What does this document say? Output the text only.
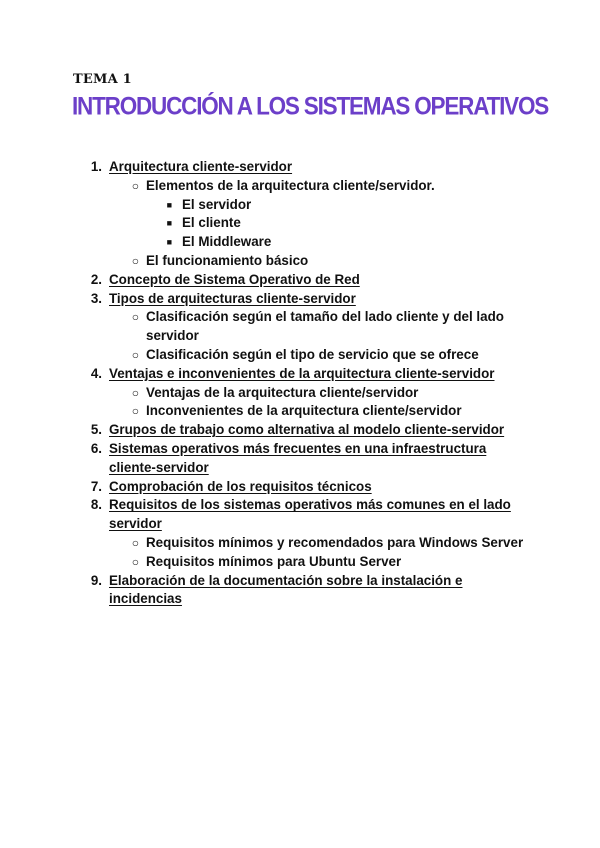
TEMA 1
INTRODUCCIÓN A LOS SISTEMAS OPERATIVOS
1. Arquitectura cliente-servidor
○ Elementos de la arquitectura cliente/servidor.
■ El servidor
■ El cliente
■ El Middleware
○ El funcionamiento básico
2. Concepto de Sistema Operativo de Red
3. Tipos de arquitecturas cliente-servidor
○ Clasificación según el tamaño del lado cliente y del lado servidor
○ Clasificación según el tipo de servicio que se ofrece
4. Ventajas e inconvenientes de la arquitectura cliente-servidor
○ Ventajas de la arquitectura cliente/servidor
○ Inconvenientes de la arquitectura cliente/servidor
5. Grupos de trabajo como alternativa al modelo cliente-servidor
6. Sistemas operativos más frecuentes en una infraestructura cliente-servidor
7. Comprobación de los requisitos técnicos
8. Requisitos de los sistemas operativos más comunes en el lado servidor
○ Requisitos mínimos y recomendados para Windows Server
○ Requisitos mínimos para Ubuntu Server
9. Elaboración de la documentación sobre la instalación e incidencias
